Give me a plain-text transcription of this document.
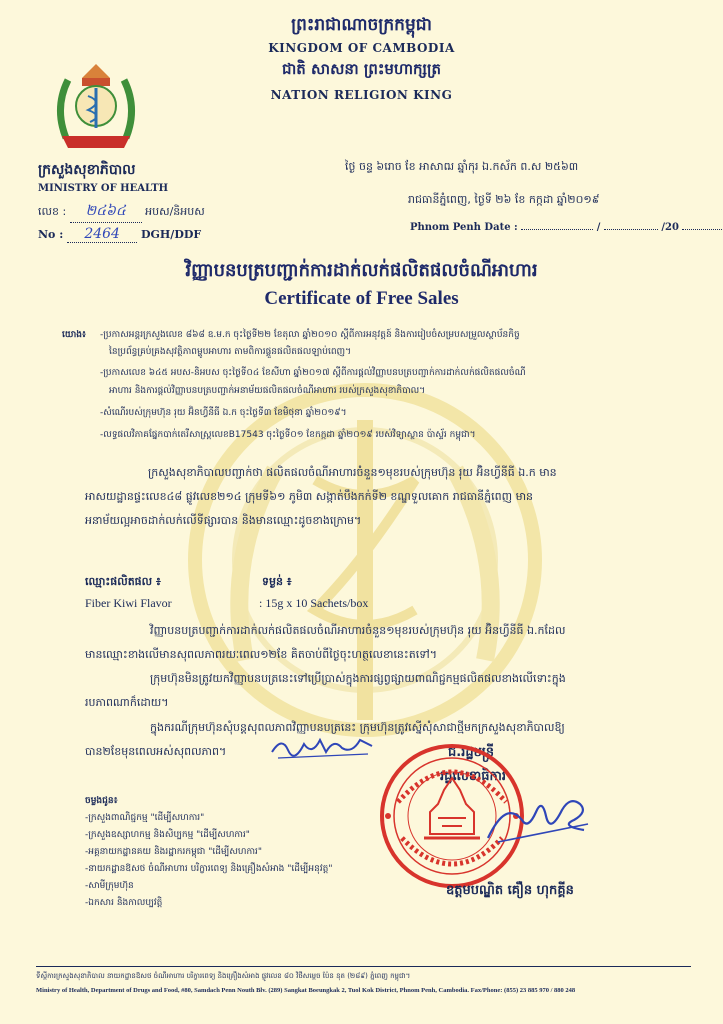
ព្រះរាជាណាចក្រកម្ពុជា
KINGDOM OF CAMBODIA
ជាតិ សាសនា ព្រះមហាក្សត្រ
NATION RELIGION KING
ក្រសួងសុខាភិបាល
MINISTRY OF HEALTH
លេខ : ២៤៦៤ អបស/និអបស
No : 2464 DGH/DDF
ថ្ងៃ ចន្ទ ៦រោច ខែ អាសាឍ ឆ្នាំកុរ ឯ.កស័ក ព.ស ២៥៦៣
រាជធានីភ្នំពេញ, ថ្ងៃទី ២៦ ខែ កក្កដា ឆ្នាំ២០១៩
Phnom Penh Date :	/	/20
វិញ្ញាបនបត្របញ្ជាក់ការដាក់លក់ផលិតផលចំណីអាហារ
Certificate of Free Sales
យោង៖ -ប្រកាសអន្តរក្រសួងលេខ ៨៦៨ ឧ.ម.ក ចុះថ្ងៃទី២២ ខែតុលា ឆ្នាំ២០១០ ស្តីពីការអនុវត្តន៍ និងការរៀបចំសម្របសម្រួលស្ថាប័នកិច្ច
នៃប្រព័ន្ធគ្រប់គ្រងសុវត្ថិភាពម្ហូបអាហារ តាមពិការផ្គួនផលិតផលឡាប់ពេញ។
-ប្រកាសលេខ ៦៤៥ អបស-និអបស ចុះថ្ងៃទី០៤ ខែសីហា ឆ្នាំ២០១៧ ស្តីពីការផ្តល់វិញ្ញាបនបត្របញ្ជាក់ការដាក់លក់ផលិតផលចំណី
អាហារ និងការផ្តល់វិញ្ញាបនបត្របញ្ជាក់អនាម័យផលិតផលចំណីអាហារ របស់ក្រសួងសុខាភិបាល។
-សំណើរបស់ក្រុមហ៊ុន រុយ អ៊ិនហ្វីនីធី ឯ.ក ចុះថ្ងៃទី៣ ខែមិថុនា ឆ្នាំ២០១៩។
-លទ្ធផលវិភាគផ្នែកបាក់តេរីសាស្ត្រលេខB17543 ចុះថ្ងៃទី០១ ខែកក្កដា ឆ្នាំ២០១៩ របស់វិទ្យាស្ថាន ប៉ាស្ទ័រ កម្ពុជា។
ក្រសួងសុខាភិបាលបញ្ជាក់ថា ផលិតផលចំណីអាហារចំនួន១មុខរបស់ក្រុមហ៊ុន រុយ អ៊ិនហ្វីនីធី ឯ.ក មាន
អាសយដ្ឋានផ្ទះលេខ៤៨ ផ្លូវលេខ២១៤ ក្រុមទី៦១ ភូមិ៣ សង្កាត់បឹងកក់ទី២ ខណ្ឌទួលគោក រាជធានីភ្នំពេញ មាន
អនាម័យល្អអាចដាក់លក់លើទីផ្សារបាន និងមានឈ្មោះដូចខាងក្រោម។
ឈ្មោះផលិតផល ៖	ទម្ងន់ ៖
Fiber Kiwi Flavor	: 15g x 10 Sachets/box
វិញ្ញាបនបត្របញ្ជាក់ការដាក់លក់ផលិតផលចំណីអាហារចំនួន១មុខរបស់ក្រុមហ៊ុន រុយ អ៊ិនហ្វីនីធី ឯ.កដែល
មានឈ្មោះខាងលើមានសុពលភាពរយៈពេល១២ខែ គិតចាប់ពីថ្ងៃចុះហត្ថលេខានេះតទៅ។
ក្រុមហ៊ុនមិនត្រូវយកវិញ្ញាបនបត្រនេះទៅប្រើប្រាស់ក្នុងការផ្សព្វផ្សាយពាណិជ្ជកម្មផលិតផលខាងលើទោះក្នុង
របភាពណាក៏ដោយ។
ក្នុងករណីក្រុមហ៊ុនសុំបន្តសុពលភាពវិញ្ញាបនបត្រនេះ ក្រុមហ៊ុនត្រូវស្នើសុំសាជាថ្មីមកក្រសួងសុខាភិបាលឱ្យ
បាន២ខែមុនពេលអស់សុពលភាព។	ជ.រដ្ឋមន្ត្រី
រដ្ឋលេខាធិការ
ឧត្តមបណ្ឌិត គឿន ហុកគ្គីន
ចម្លងជូន៖
-ក្រសួងពាណិជ្ជកម្ម "ដើម្បីសហការ"
-ក្រសួងឧស្សាហកម្ម និងសិប្បកម្ម "ដើម្បីសហការ"
-អគ្គនាយកដ្ឋានគយ និងរដ្ឋាករកម្ពុជា "ដើម្បីសហការ"
-នាយកដ្ឋានឱសថ ចំណីអាហារ បរិក្ខារពេទ្យ និងគ្រឿងសំអាង "ដើម្បីអនុវត្ត"
-សាមីក្រុមហ៊ុន
-ឯកសារ និងកាលប្បវត្តិ
ទីស្តីការក្រសួងសុខាភិបាល នាយកដ្ឋានឱសថ ចំណីអាហារ បរិក្ខារពេទ្យ និងគ្រឿងសំអាង ផ្លូវលេខ ៨០ វិថីសម្តេច ប៉ែន នុត (២៨៩) ភ្នំពេញ កម្ពុជា។
Ministry of Health, Department of Drugs and Food, #80, Samdach Penn Nouth Blv. (289) Sangkat Boeungkak 2, Tuol Kok District, Phnom Penh, Cambodia. Fax/Phone: (855) 23 885 970 / 880 248
